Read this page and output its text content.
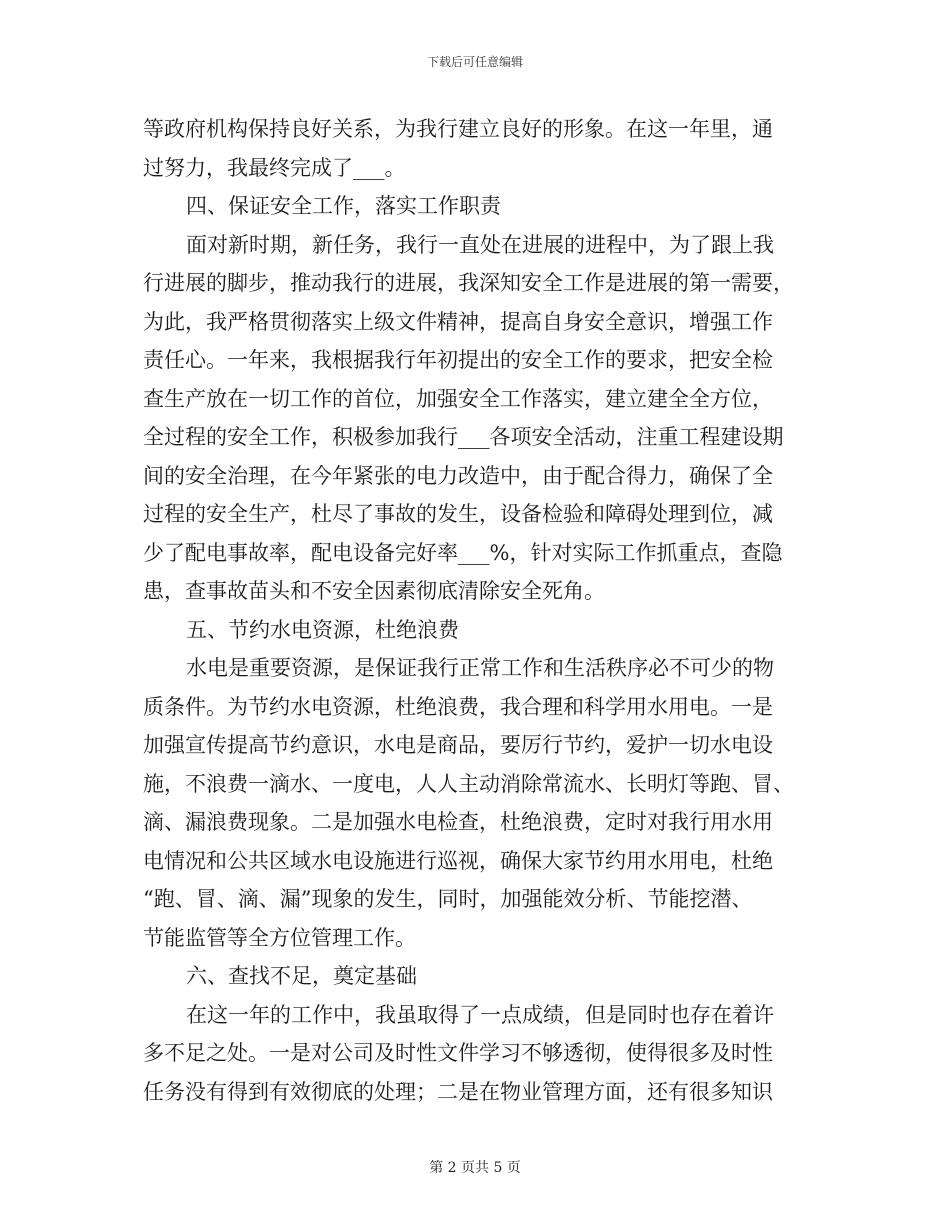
下载后可任意编辑
等政府机构保持良好关系，为我行建立良好的形象。在这一年里，通
过努力，我最终完成了___。
四、保证安全工作，落实工作职责
面对新时期，新任务，我行一直处在进展的进程中，为了跟上我
行进展的脚步，推动我行的进展，我深知安全工作是进展的第一需要，
为此，我严格贯彻落实上级文件精神，提高自身安全意识，增强工作
责任心。一年来，我根据我行年初提出的安全工作的要求，把安全检
查生产放在一切工作的首位，加强安全工作落实，建立建全全方位，
全过程的安全工作，积极参加我行___各项安全活动，注重工程建设期
间的安全治理，在今年紧张的电力改造中，由于配合得力，确保了全
过程的安全生产，杜尽了事故的发生，设备检验和障碍处理到位，减
少了配电事故率，配电设备完好率___%，针对实际工作抓重点，查隐
患，查事故苗头和不安全因素彻底清除安全死角。
五、节约水电资源，杜绝浪费
水电是重要资源，是保证我行正常工作和生活秩序必不可少的物
质条件。为节约水电资源，杜绝浪费，我合理和科学用水用电。一是
加强宣传提高节约意识，水电是商品，要厉行节约，爱护一切水电设
施，不浪费一滴水、一度电，人人主动消除常流水、长明灯等跑、冒、
滴、漏浪费现象。二是加强水电检查，杜绝浪费，定时对我行用水用
电情况和公共区域水电设施进行巡视，确保大家节约用水用电，杜绝
“跑、冒、滴、漏”现象的发生，同时，加强能效分析、节能挖潜、
节能监管等全方位管理工作。
六、查找不足，奠定基础
在这一年的工作中，我虽取得了一点成绩，但是同时也存在着许
多不足之处。一是对公司及时性文件学习不够透彻，使得很多及时性
任务没有得到有效彻底的处理；二是在物业管理方面，还有很多知识
第 2 页共 5 页
